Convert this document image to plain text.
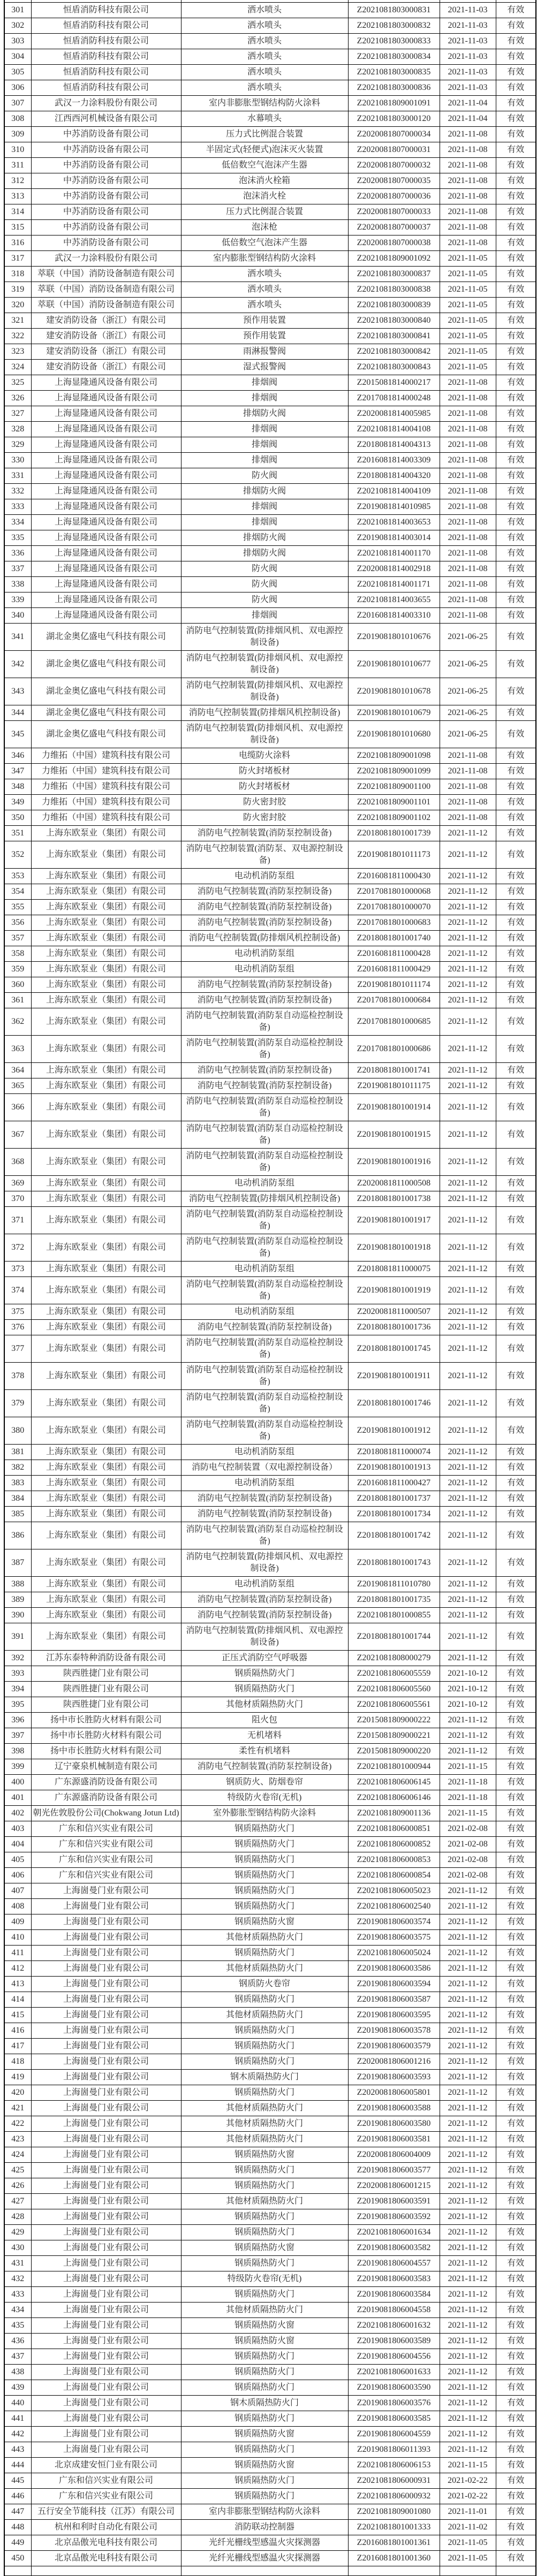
301	恒盾消防科技有限公司	洒水喷头	Z2021081803000831	2021-11-03	有效
302	恒盾消防科技有限公司	洒水喷头	Z2021081803000832	2021-11-03	有效
303	恒盾消防科技有限公司	洒水喷头	Z2021081803000833	2021-11-03	有效
304	恒盾消防科技有限公司	洒水喷头	Z2021081803000834	2021-11-03	有效
305	恒盾消防科技有限公司	洒水喷头	Z2021081803000835	2021-11-03	有效
306	恒盾消防科技有限公司	洒水喷头	Z2021081803000836	2021-11-03	有效
307	武汉一力涂料股份有限公司	室内非膨胀型钢结构防火涂料	Z2021081809001091	2021-11-04	有效
308	江西西河机械设备有限公司	水幕喷头	Z2021081803000120	2021-11-04	有效
309	中苏消防设备有限公司	压力式比例混合装置	Z2020081807000034	2021-11-08	有效
310	中苏消防设备有限公司	半固定式(轻便式)泡沫灭火装置	Z2020081807000031	2021-11-08	有效
311	中苏消防设备有限公司	低倍数空气泡沫产生器	Z2020081807000032	2021-11-08	有效
312	中苏消防设备有限公司	泡沫消火栓箱	Z2020081807000035	2021-11-08	有效
313	中苏消防设备有限公司	泡沫消火栓	Z2020081807000036	2021-11-08	有效
314	中苏消防设备有限公司	压力式比例混合装置	Z2020081807000033	2021-11-08	有效
315	中苏消防设备有限公司	泡沫枪	Z2020081807000037	2021-11-08	有效
316	中苏消防设备有限公司	低倍数空气泡沫产生器	Z2020081807000038	2021-11-08	有效
317	武汉一力涂料股份有限公司	室内膨胀型钢结构防火涂料	Z2021081809001092	2021-11-05	有效
318	萃联（中国）消防设备制造有限公司	洒水喷头	Z2021081803000837	2021-11-05	有效
319	萃联（中国）消防设备制造有限公司	洒水喷头	Z2021081803000838	2021-11-05	有效
320	萃联（中国）消防设备制造有限公司	洒水喷头	Z2021081803000839	2021-11-05	有效
321	建安消防设备（浙江）有限公司	预作用装置	Z2021081803000840	2021-11-05	有效
322	建安消防设备（浙江）有限公司	预作用装置	Z2021081803000841	2021-11-05	有效
323	建安消防设备（浙江）有限公司	雨淋报警阀	Z2021081803000842	2021-11-05	有效
324	建安消防设备（浙江）有限公司	湿式报警阀	Z2021081803000843	2021-11-05	有效
325	上海显隆通风设备有限公司	排烟阀	Z2015081814000217	2021-11-08	有效
326	上海显隆通风设备有限公司	排烟阀	Z2017081814000248	2021-11-08	有效
327	上海显隆通风设备有限公司	排烟防火阀	Z2020081814005985	2021-11-08	有效
328	上海显隆通风设备有限公司	排烟阀	Z2021081814004108	2021-11-08	有效
329	上海显隆通风设备有限公司	排烟阀	Z2018081814004313	2021-11-08	有效
330	上海显隆通风设备有限公司	排烟阀	Z2016081814003309	2021-11-08	有效
331	上海显隆通风设备有限公司	防火阀	Z2018081814004320	2021-11-08	有效
332	上海显隆通风设备有限公司	排烟防火阀	Z2021081814004109	2021-11-08	有效
333	上海显隆通风设备有限公司	排烟阀	Z2019081814010985	2021-11-08	有效
334	上海显隆通风设备有限公司	排烟阀	Z2021081814003653	2021-11-08	有效
335	上海显隆通风设备有限公司	排烟防火阀	Z2019081814003014	2021-11-08	有效
336	上海显隆通风设备有限公司	排烟防火阀	Z2021081814001170	2021-11-08	有效
337	上海显隆通风设备有限公司	防火阀	Z2020081814002918	2021-11-08	有效
338	上海显隆通风设备有限公司	防火阀	Z2021081814001171	2021-11-08	有效
339	上海显隆通风设备有限公司	防火阀	Z2021081814003655	2021-11-08	有效
340	上海显隆通风设备有限公司	排烟阀	Z2016081814003310	2021-11-08	有效
341	湖北金奥亿盛电气科技有限公司	消防电气控制装置(防排烟风机、双电源控制设备)	Z2019081801010676	2021-06-25	有效
342	湖北金奥亿盛电气科技有限公司	消防电气控制装置(防排烟风机、双电源控制设备)	Z2019081801010677	2021-06-25	有效
343	湖北金奥亿盛电气科技有限公司	消防电气控制装置(防排烟风机、双电源控制设备)	Z2019081801010678	2021-06-25	有效
344	湖北金奥亿盛电气科技有限公司	消防电气控制装置(防排烟风机控制设备)	Z2019081801010679	2021-06-25	有效
345	湖北金奥亿盛电气科技有限公司	消防电气控制装置(防排烟风机、双电源控制设备)	Z2019081801010680	2021-06-25	有效
346	力维拓（中国）建筑科技有限公司	电缆防火涂料	Z2021081809001098	2021-11-08	有效
347	力维拓（中国）建筑科技有限公司	防火封堵板材	Z2021081809001099	2021-11-08	有效
348	力维拓（中国）建筑科技有限公司	防火封堵板材	Z2021081809001100	2021-11-08	有效
349	力维拓（中国）建筑科技有限公司	防火密封胶	Z2021081809001101	2021-11-08	有效
350	力维拓（中国）建筑科技有限公司	防火密封胶	Z2021081809001102	2021-11-08	有效
351	上海东欧泵业（集团）有限公司	消防电气控制装置(消防泵控制设备)	Z2018081801001739	2021-11-12	有效
352	上海东欧泵业（集团）有限公司	消防电气控制装置(消防泵、双电源控制设备)	Z2019081801011173	2021-11-12	有效
353	上海东欧泵业（集团）有限公司	电动机消防泵组	Z2016081811000430	2021-11-12	有效
354	上海东欧泵业（集团）有限公司	消防电气控制装置(消防泵控制设备)	Z2017081801000068	2021-11-12	有效
355	上海东欧泵业（集团）有限公司	消防电气控制装置(消防泵控制设备)	Z2017081801000070	2021-11-12	有效
356	上海东欧泵业（集团）有限公司	消防电气控制装置(消防泵控制设备)	Z2017081801000683	2021-11-12	有效
357	上海东欧泵业（集团）有限公司	消防电气控制装置(防排烟风机控制设备)	Z2018081801001740	2021-11-12	有效
358	上海东欧泵业（集团）有限公司	电动机消防泵组	Z2016081811000428	2021-11-12	有效
359	上海东欧泵业（集团）有限公司	电动机消防泵组	Z2016081811000429	2021-11-12	有效
360	上海东欧泵业（集团）有限公司	消防电气控制装置(消防泵控制设备)	Z2019081801011174	2021-11-12	有效
361	上海东欧泵业（集团）有限公司	消防电气控制装置(消防泵控制设备)	Z2017081801000684	2021-11-12	有效
362	上海东欧泵业（集团）有限公司	消防电气控制装置(消防泵自动巡检控制设备)	Z2017081801000685	2021-11-12	有效
363	上海东欧泵业（集团）有限公司	消防电气控制装置(消防泵自动巡检控制设备)	Z2017081801000686	2021-11-12	有效
364	上海东欧泵业（集团）有限公司	消防电气控制装置(消防泵控制设备)	Z2018081801001741	2021-11-12	有效
365	上海东欧泵业（集团）有限公司	消防电气控制装置(消防泵控制设备)	Z2019081801011175	2021-11-12	有效
366	上海东欧泵业（集团）有限公司	消防电气控制装置(消防泵自动巡检控制设备)	Z2019081801001914	2021-11-12	有效
367	上海东欧泵业（集团）有限公司	消防电气控制装置(消防泵自动巡检控制设备)	Z2019081801001915	2021-11-12	有效
368	上海东欧泵业（集团）有限公司	消防电气控制装置(消防泵自动巡检控制设备)	Z2019081801001916	2021-11-12	有效
369	上海东欧泵业（集团）有限公司	电动机消防泵组	Z2020081811000508	2021-11-12	有效
370	上海东欧泵业（集团）有限公司	消防电气控制装置(防排烟风机控制设备)	Z2018081801001738	2021-11-12	有效
371	上海东欧泵业（集团）有限公司	消防电气控制装置(消防泵自动巡检控制设备)	Z2019081801001917	2021-11-12	有效
372	上海东欧泵业（集团）有限公司	消防电气控制装置(消防泵自动巡检控制设备)	Z2019081801001918	2021-11-12	有效
373	上海东欧泵业（集团）有限公司	电动机消防泵组	Z2018081811000075	2021-11-12	有效
374	上海东欧泵业（集团）有限公司	消防电气控制装置(消防泵自动巡检控制设备)	Z2019081801001919	2021-11-12	有效
375	上海东欧泵业（集团）有限公司	电动机消防泵组	Z2020081811000507	2021-11-12	有效
376	上海东欧泵业（集团）有限公司	消防电气控制装置(消防泵控制设备)	Z2018081801001736	2021-11-12	有效
377	上海东欧泵业（集团）有限公司	消防电气控制装置(消防泵自动巡检控制设备)	Z2018081801001745	2021-11-12	有效
378	上海东欧泵业（集团）有限公司	消防电气控制装置(消防泵自动巡检控制设备)	Z2019081801001911	2021-11-12	有效
379	上海东欧泵业（集团）有限公司	消防电气控制装置(消防泵自动巡检控制设备)	Z2018081801001746	2021-11-12	有效
380	上海东欧泵业（集团）有限公司	消防电气控制装置(消防泵自动巡检控制设备)	Z2019081801001912	2021-11-12	有效
381	上海东欧泵业（集团）有限公司	电动机消防泵组	Z2018081811000074	2021-11-12	有效
382	上海东欧泵业（集团）有限公司	消防电气控制装置（双电源控制设备）	Z2019081801001913	2021-11-12	有效
383	上海东欧泵业（集团）有限公司	电动机消防泵组	Z2016081811000427	2021-11-12	有效
384	上海东欧泵业（集团）有限公司	消防电气控制装置(消防泵控制设备)	Z2018081801001737	2021-11-12	有效
385	上海东欧泵业（集团）有限公司	消防电气控制装置(消防泵控制设备)	Z2018081801001734	2021-11-12	有效
386	上海东欧泵业（集团）有限公司	消防电气控制装置(消防泵自动巡检控制设备)	Z2018081801001742	2021-11-12	有效
387	上海东欧泵业（集团）有限公司	消防电气控制装置(防排烟风机、双电源控制设备)	Z2018081801001743	2021-11-12	有效
388	上海东欧泵业（集团）有限公司	电动机消防泵组	Z2019081811010780	2021-11-12	有效
389	上海东欧泵业（集团）有限公司	消防电气控制装置(消防泵控制设备)	Z2018081801001735	2021-11-12	有效
390	上海东欧泵业（集团）有限公司	消防电气控制装置(消防泵控制设备)	Z2021081801000855	2021-11-12	有效
391	上海东欧泵业（集团）有限公司	消防电气控制装置(防排烟风机、双电源控制设备)	Z2018081801001744	2021-11-12	有效
392	江苏东泰特种消防设备有限公司	正压式消防空气呼吸器	Z2021081808000279	2021-11-12	有效
393	陕西胜捷门业有限公司	钢质隔热防火门	Z2021081806005559	2021-10-12	有效
394	陕西胜捷门业有限公司	钢质隔热防火门	Z2021081806005560	2021-10-12	有效
395	陕西胜捷门业有限公司	其他材质隔热防火门	Z2021081806005561	2021-10-12	有效
396	扬中市长胜防火材料有限公司	阻火包	Z2015081809000222	2021-11-12	有效
397	扬中市长胜防火材料有限公司	无机堵料	Z2015081809000221	2021-11-12	有效
398	扬中市长胜防火材料有限公司	柔性有机堵料	Z2015081809000220	2021-11-12	有效
399	辽宁豪泉机械制造有限公司	消防电气控制装置(消防泵控制设备)	Z2021081801000944	2021-11-15	有效
400	广东源盛消防设备有限公司	钢质防火、防烟卷帘	Z2021081806006145	2021-11-18	有效
401	广东源盛消防设备有限公司	特级防火卷帘(无机)	Z2021081806006146	2021-11-18	有效
402	朝光佐敦股份公司(Chokwang Jotun Ltd)	室外膨胀型钢结构防火涂料	Z2021081809001136	2021-11-15	有效
403	广东和信兴实业有限公司	钢质隔热防火门	Z2021081806000851	2021-02-08	有效
404	广东和信兴实业有限公司	钢质隔热防火门	Z2021081806000852	2021-02-08	有效
405	广东和信兴实业有限公司	钢质隔热防火门	Z2021081806000853	2021-02-08	有效
406	广东和信兴实业有限公司	钢质隔热防火门	Z2021081806000854	2021-02-08	有效
407	上海崮曼门业有限公司	钢质隔热防火门	Z2021081806005023	2021-11-12	有效
408	上海崮曼门业有限公司	钢质隔热防火门	Z2021081806002540	2021-11-12	有效
409	上海崮曼门业有限公司	钢质隔热防火窗	Z2019081806003574	2021-11-12	有效
410	上海崮曼门业有限公司	其他材质隔热防火门	Z2019081806003575	2021-11-12	有效
411	上海崮曼门业有限公司	钢质隔热防火门	Z2021081806005024	2021-11-12	有效
412	上海崮曼门业有限公司	其他材质隔热防火门	Z2019081806003586	2021-11-12	有效
413	上海崮曼门业有限公司	钢质防火卷帘	Z2019081806003594	2021-11-12	有效
414	上海崮曼门业有限公司	钢质隔热防火门	Z2019081806003587	2021-11-12	有效
415	上海崮曼门业有限公司	其他材质隔热防火门	Z2019081806003595	2021-11-12	有效
416	上海崮曼门业有限公司	钢质隔热防火门	Z2019081806003578	2021-11-12	有效
417	上海崮曼门业有限公司	钢质隔热防火门	Z2019081806003579	2021-11-12	有效
418	上海崮曼门业有限公司	钢质隔热防火门	Z2020081806001216	2021-11-12	有效
419	上海崮曼门业有限公司	钢木质隔热防火门	Z2019081806003593	2021-11-12	有效
420	上海崮曼门业有限公司	钢质隔热防火门	Z2020081806005801	2021-11-12	有效
421	上海崮曼门业有限公司	其他材质隔热防火门	Z2019081806003588	2021-11-12	有效
422	上海崮曼门业有限公司	其他材质隔热防火门	Z2019081806003580	2021-11-12	有效
423	上海崮曼门业有限公司	其他材质隔热防火门	Z2019081806003581	2021-11-12	有效
424	上海崮曼门业有限公司	钢质隔热防火窗	Z2020081806004009	2021-11-12	有效
425	上海崮曼门业有限公司	钢质隔热防火门	Z2019081806003577	2021-11-12	有效
426	上海崮曼门业有限公司	钢质隔热防火门	Z2020081806001215	2021-11-12	有效
427	上海崮曼门业有限公司	其他材质隔热防火门	Z2019081806003591	2021-11-12	有效
428	上海崮曼门业有限公司	钢质隔热防火门	Z2019081806003592	2021-11-12	有效
429	上海崮曼门业有限公司	钢质隔热防火门	Z2021081806001634	2021-11-12	有效
430	上海崮曼门业有限公司	钢质隔热防火窗	Z2019081806003582	2021-11-12	有效
431	上海崮曼门业有限公司	钢质隔热防火门	Z2019081806004557	2021-11-12	有效
432	上海崮曼门业有限公司	特级防火卷帘(无机)	Z2019081806003583	2021-11-12	有效
433	上海崮曼门业有限公司	钢质隔热防火门	Z2019081806003584	2021-11-12	有效
434	上海崮曼门业有限公司	其他材质隔热防火门	Z2019081806004558	2021-11-12	有效
435	上海崮曼门业有限公司	钢质隔热防火窗	Z2021081806001632	2021-11-12	有效
436	上海崮曼门业有限公司	钢质隔热防火窗	Z2019081806003589	2021-11-12	有效
437	上海崮曼门业有限公司	钢质隔热防火门	Z2019081806004556	2021-11-12	有效
438	上海崮曼门业有限公司	钢质隔热防火门	Z2021081806001633	2021-11-12	有效
439	上海崮曼门业有限公司	钢质隔热防火门	Z2019081806003590	2021-11-12	有效
440	上海崮曼门业有限公司	钢木质隔热防火门	Z2019081806003576	2021-11-12	有效
441	上海崮曼门业有限公司	钢质隔热防火门	Z2019081806003585	2021-11-12	有效
442	上海崮曼门业有限公司	钢质隔热防火窗	Z2019081806004559	2021-11-12	有效
443	上海崮曼门业有限公司	钢质隔热防火门	Z2019081806011393	2021-11-12	有效
444	北京成建安恒门业有限公司	钢质隔热防火窗	Z2021081806006153	2021-11-15	有效
445	广东和信兴实业有限公司	钢质隔热防火门	Z2021081806000931	2021-02-22	有效
446	广东和信兴实业有限公司	钢质隔热防火门	Z2021081806000932	2021-02-22	有效
447	五行安全节能科技（江苏）有限公司	室内非膨胀型钢结构防火涂料	Z2021081809001080	2021-11-01	有效
448	杭州和利时自动化有限公司	消防联动控制器	Z2021081801001333	2021-11-02	有效
449	北京品傲光电科技有限公司	光纤光栅线型感温火灾探测器	Z2016081801001361	2021-11-05	有效
450	北京品傲光电科技有限公司	光纤光栅线型感温火灾探测器	Z2016081801001360	2021-11-05	有效
